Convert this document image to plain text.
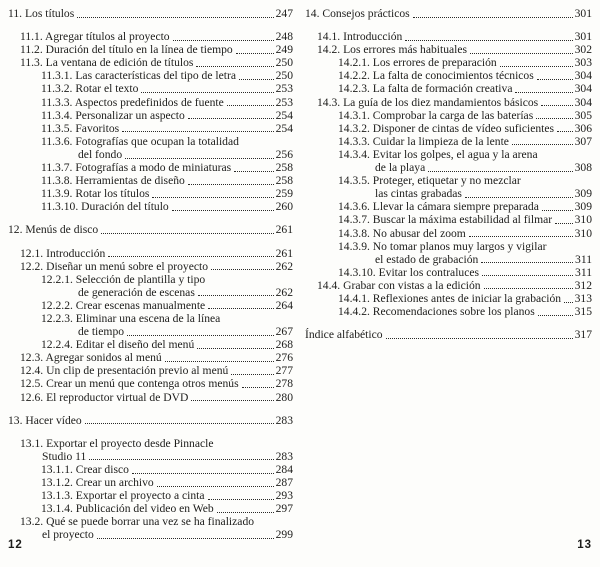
11. Los títulos	247
11.1. Agregar títulos al proyecto	248
11.2. Duración del título en la línea de tiempo	249
11.3. La ventana de edición de títulos	250
11.3.1. Las características del tipo de letra	250
11.3.2. Rotar el texto	253
11.3.3. Aspectos predefinidos de fuente	253
11.3.4. Personalizar un aspecto	254
11.3.5. Favoritos	254
11.3.6. Fotografías que ocupan la totalidad
del fondo	256
11.3.7. Fotografías a modo de miniaturas	258
11.3.8. Herramientas de diseño	258
11.3.9. Rotar los títulos	259
11.3.10. Duración del título	260
12. Menús de disco	261
12.1. Introducción	261
12.2. Diseñar un menú sobre el proyecto	262
12.2.1. Selección de plantilla y tipo
de generación de escenas	262
12.2.2. Crear escenas manualmente	264
12.2.3. Eliminar una escena de la línea
de tiempo	267
12.2.4. Editar el diseño del menú	268
12.3. Agregar sonidos al menú	276
12.4. Un clip de presentación previo al menú	277
12.5. Crear un menú que contenga otros menús	278
12.6. El reproductor virtual de DVD	280
13. Hacer vídeo	283
13.1. Exportar el proyecto desde Pinnacle
Studio 11	283
13.1.1. Crear disco	284
13.1.2. Crear un archivo	287
13.1.3. Exportar el proyecto a cinta	293
13.1.4. Publicación del video en Web	297
13.2. Qué se puede borrar una vez se ha finalizado
el proyecto	299
14. Consejos prácticos	301
14.1. Introducción	301
14.2. Los errores más habituales	302
14.2.1. Los errores de preparación	303
14.2.2. La falta de conocimientos técnicos	304
14.2.3. La falta de formación creativa	304
14.3. La guía de los diez mandamientos básicos	304
14.3.1. Comprobar la carga de las baterías	305
14.3.2. Disponer de cintas de vídeo suficientes 306
14.3.3. Cuidar la limpieza de la lente	307
14.3.4. Evitar los golpes, el agua y la arena
de la playa	308
14.3.5. Proteger, etiquetar y no mezclar
las cintas grabadas	309
14.3.6. Llevar la cámara siempre preparada	309
14.3.7. Buscar la máxima estabilidad al filmar 310
14.3.8. No abusar del zoom	310
14.3.9. No tomar planos muy largos y vigilar
el estado de grabación	311
14.3.10. Evitar los contraluces	311
14.4. Grabar con vistas a la edición	312
14.4.1. Reflexiones antes de iniciar la grabación 313
14.4.2. Recomendaciones sobre los planos	315
Índice alfabético	317
12	13
